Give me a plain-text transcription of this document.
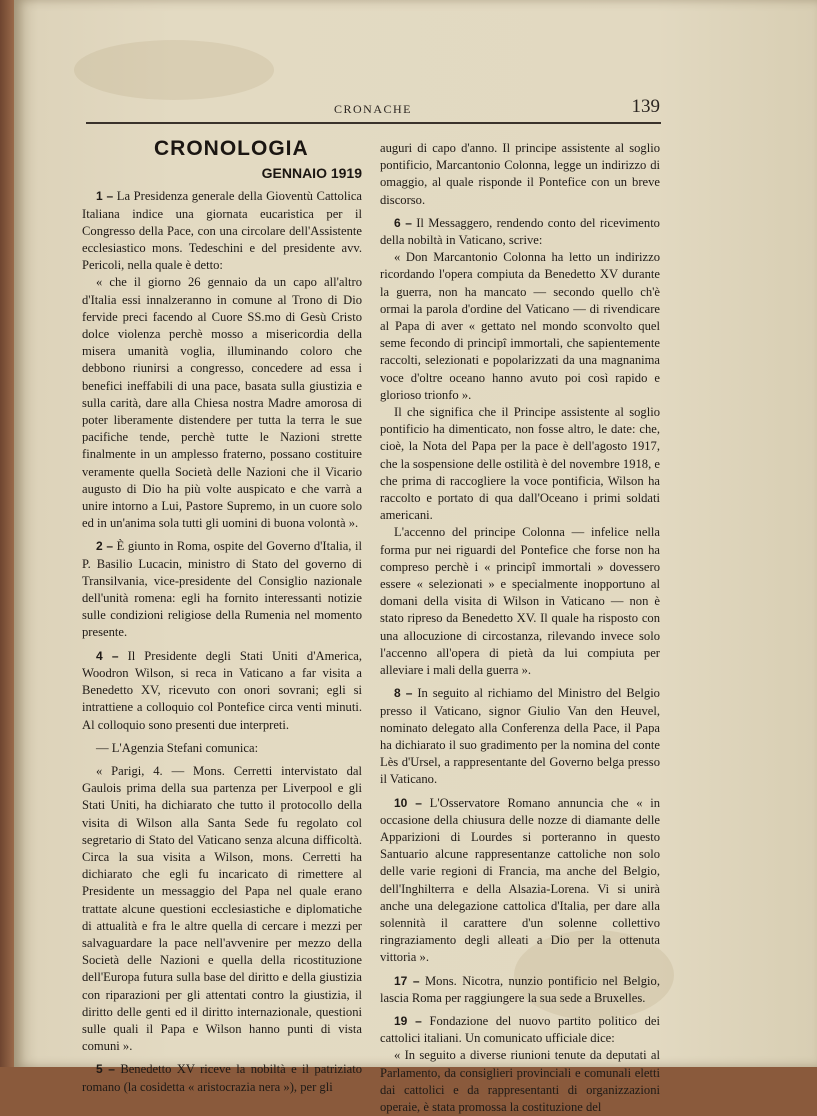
CRONACHE	139
CRONOLOGIA
GENNAIO 1919

1 – La Presidenza generale della Gioventù Cattolica Italiana indice una giornata eucaristica per il Congresso della Pace, con una circolare dell'Assistente ecclesiastico mons. Tedeschini e del presidente avv. Pericoli, nella quale è detto:

« che il giorno 26 gennaio da un capo all'altro d'Italia essi innalzeranno in comune al Trono di Dio fervide preci facendo al Cuore SS.mo di Gesù Cristo dolce violenza perchè mosso a misericordia della misera umanità voglia, illuminando coloro che debbono riunirsi a congresso, concedere ad essa i benefici ineffabili di una pace, basata sulla giustizia e sulla carità, dare alla Chiesa nostra Madre amorosa di poter liberamente distendere per tutta la terra le sue pacifiche tende, perchè tutte le Nazioni strette finalmente in un amplesso fraterno, possano costituire veramente quella Società delle Nazioni che il Vicario augusto di Dio ha più volte auspicato e che varrà a unire intorno a Lui, Pastore Supremo, in un cuore solo ed in un'anima sola tutti gli uomini di buona volontà ».

2 – È giunto in Roma, ospite del Governo d'Italia, il P. Basilio Lucacin, ministro di Stato del governo di Transilvania, vice-presidente del Consiglio nazionale dell'unità romena: egli ha fornito interessanti notizie sulle condizioni religiose della Rumenia nel momento presente.

4 – Il Presidente degli Stati Uniti d'America, Woodron Wilson, si reca in Vaticano a far visita a Benedetto XV, ricevuto con onori sovrani; egli si intrattiene a colloquio col Pontefice circa venti minuti. Al colloquio sono presenti due interpreti.

— L'Agenzia Stefani comunica:

« Parigi, 4. — Mons. Cerretti intervistato dal Gaulois prima della sua partenza per Liverpool e gli Stati Uniti, ha dichiarato che tutto il protocollo della visita di Wilson alla Santa Sede fu regolato col segretario di Stato del Vaticano senza alcuna difficoltà. Circa la sua visita a Wilson, mons. Cerretti ha dichiarato che egli fu incaricato di rimettere al Presidente un messaggio del Papa nel quale erano trattate alcune questioni ecclesiastiche e diplomatiche di attualità e fra le altre quella di cercare i mezzi per salvaguardare la pace nell'avvenire per mezzo della Società delle Nazioni e quella della ricostituzione dell'Europa futura sulla base del diritto e della giustizia con riparazioni per gli attentati contro la giustizia, il diritto delle genti ed il diritto internazionale, questioni sulle quali il Papa e Wilson hanno punti di vista comuni ».

5 – Benedetto XV riceve la nobiltà e il patriziato romano (la cosidetta « aristocrazia nera »), per gli

auguri di capo d'anno. Il principe assistente al soglio pontificio, Marcantonio Colonna, legge un indirizzo di omaggio, al quale risponde il Pontefice con un breve discorso.

6 – Il Messaggero, rendendo conto del ricevimento della nobiltà in Vaticano, scrive:

« Don Marcantonio Colonna ha letto un indirizzo ricordando l'opera compiuta da Benedetto XV durante la guerra, non ha mancato — secondo quello ch'è ormai la parola d'ordine del Vaticano — di rivendicare al Papa di aver « gettato nel mondo sconvolto quel seme fecondo di principî immortali, che sapientemente raccolti, selezionati e popolarizzati da una magnanima voce d'oltre oceano hanno avuto poi così rapido e glorioso trionfo ».

Il che significa che il Principe assistente al soglio pontificio ha dimenticato, non fosse altro, le date: che, cioè, la Nota del Papa per la pace è dell'agosto 1917, che la sospensione delle ostilità è del novembre 1918, e che prima di raccogliere la voce pontificia, Wilson ha raccolto e portato di qua dall'Oceano i primi soldati americani.

L'accenno del principe Colonna — infelice nella forma pur nei riguardi del Pontefice che forse non ha compreso perchè i « principî immortali » dovessero essere « selezionati » e specialmente inopportuno al domani della visita di Wilson in Vaticano — non è stato ripreso da Benedetto XV. Il quale ha risposto con una allocuzione di circostanza, rilevando invece solo l'accenno all'opera di pietà da lui compiuta per alleviare i mali della guerra ».

8 – In seguito al richiamo del Ministro del Belgio presso il Vaticano, signor Giulio Van den Heuvel, nominato delegato alla Conferenza della Pace, il Papa ha dichiarato il suo gradimento per la nomina del conte Lès d'Ursel, a rappresentante del Governo belga presso il Vaticano.

10 – L'Osservatore Romano annuncia che « in occasione della chiusura delle nozze di diamante delle Apparizioni di Lourdes si porteranno in questo Santuario alcune rappresentanze cattoliche non solo delle varie regioni di Francia, ma anche del Belgio, dell'Inghilterra e della Alsazia-Lorena. Vi si unirà anche una delegazione cattolica d'Italia, per dare alla solennità il carattere d'un solenne collettivo ringraziamento degli alleati a Dio per la ottenuta vittoria ».

17 – Mons. Nicotra, nunzio pontificio nel Belgio, lascia Roma per raggiungere la sua sede a Bruxelles.

19 – Fondazione del nuovo partito politico dei cattolici italiani. Un comunicato ufficiale dice:

« In seguito a diverse riunioni tenute da deputati al Parlamento, da consiglieri provinciali e comunali eletti dai cattolici e da rappresentanti di organizzazioni operaie, è stata promossa la costituzione del
